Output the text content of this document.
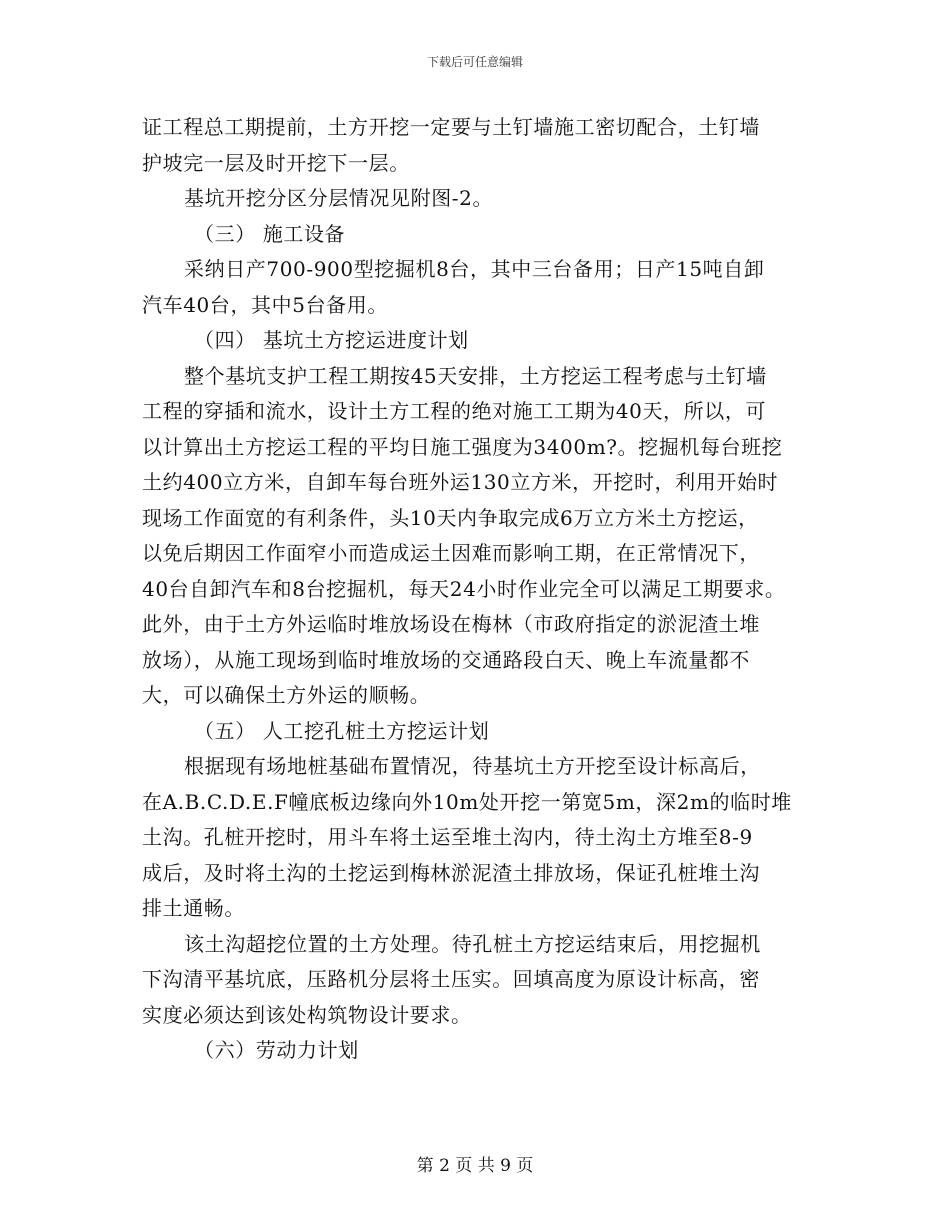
下载后可任意编辑
证工程总工期提前，土方开挖一定要与土钉墙施工密切配合，土钉墙
护坡完一层及时开挖下一层。
基坑开挖分区分层情况见附图-2。
（三） 施工设备
采纳日产700-900型挖掘机8台，其中三台备用；日产15吨自卸
汽车40台，其中5台备用。
（四） 基坑土方挖运进度计划
整个基坑支护工程工期按45天安排，土方挖运工程考虑与土钉墙
工程的穿插和流水，设计土方工程的绝对施工工期为40天，所以，可
以计算出土方挖运工程的平均日施工强度为3400m?。挖掘机每台班挖
土约400立方米，自卸车每台班外运130立方米，开挖时，利用开始时
现场工作面宽的有利条件，头10天内争取完成6万立方米土方挖运，
以免后期因工作面窄小而造成运土因难而影响工期，在正常情况下，
40台自卸汽车和8台挖掘机，每天24小时作业完全可以满足工期要求。
此外，由于土方外运临时堆放场设在梅林（市政府指定的淤泥渣土堆
放场），从施工现场到临时堆放场的交通路段白天、晚上车流量都不
大，可以确保土方外运的顺畅。
（五） 人工挖孔桩土方挖运计划
根据现有场地桩基础布置情况，待基坑土方开挖至设计标高后，
在A.B.C.D.E.F幢底板边缘向外10m处开挖一第宽5m，深2m的临时堆
土沟。孔桩开挖时，用斗车将土运至堆土沟内，待土沟土方堆至8-9
成后，及时将土沟的土挖运到梅林淤泥渣土排放场，保证孔桩堆土沟
排土通畅。
该土沟超挖位置的土方处理。待孔桩土方挖运结束后，用挖掘机
下沟清平基坑底，压路机分层将土压实。回填高度为原设计标高，密
实度必须达到该处构筑物设计要求。
（六）劳动力计划
第 2 页 共 9 页
